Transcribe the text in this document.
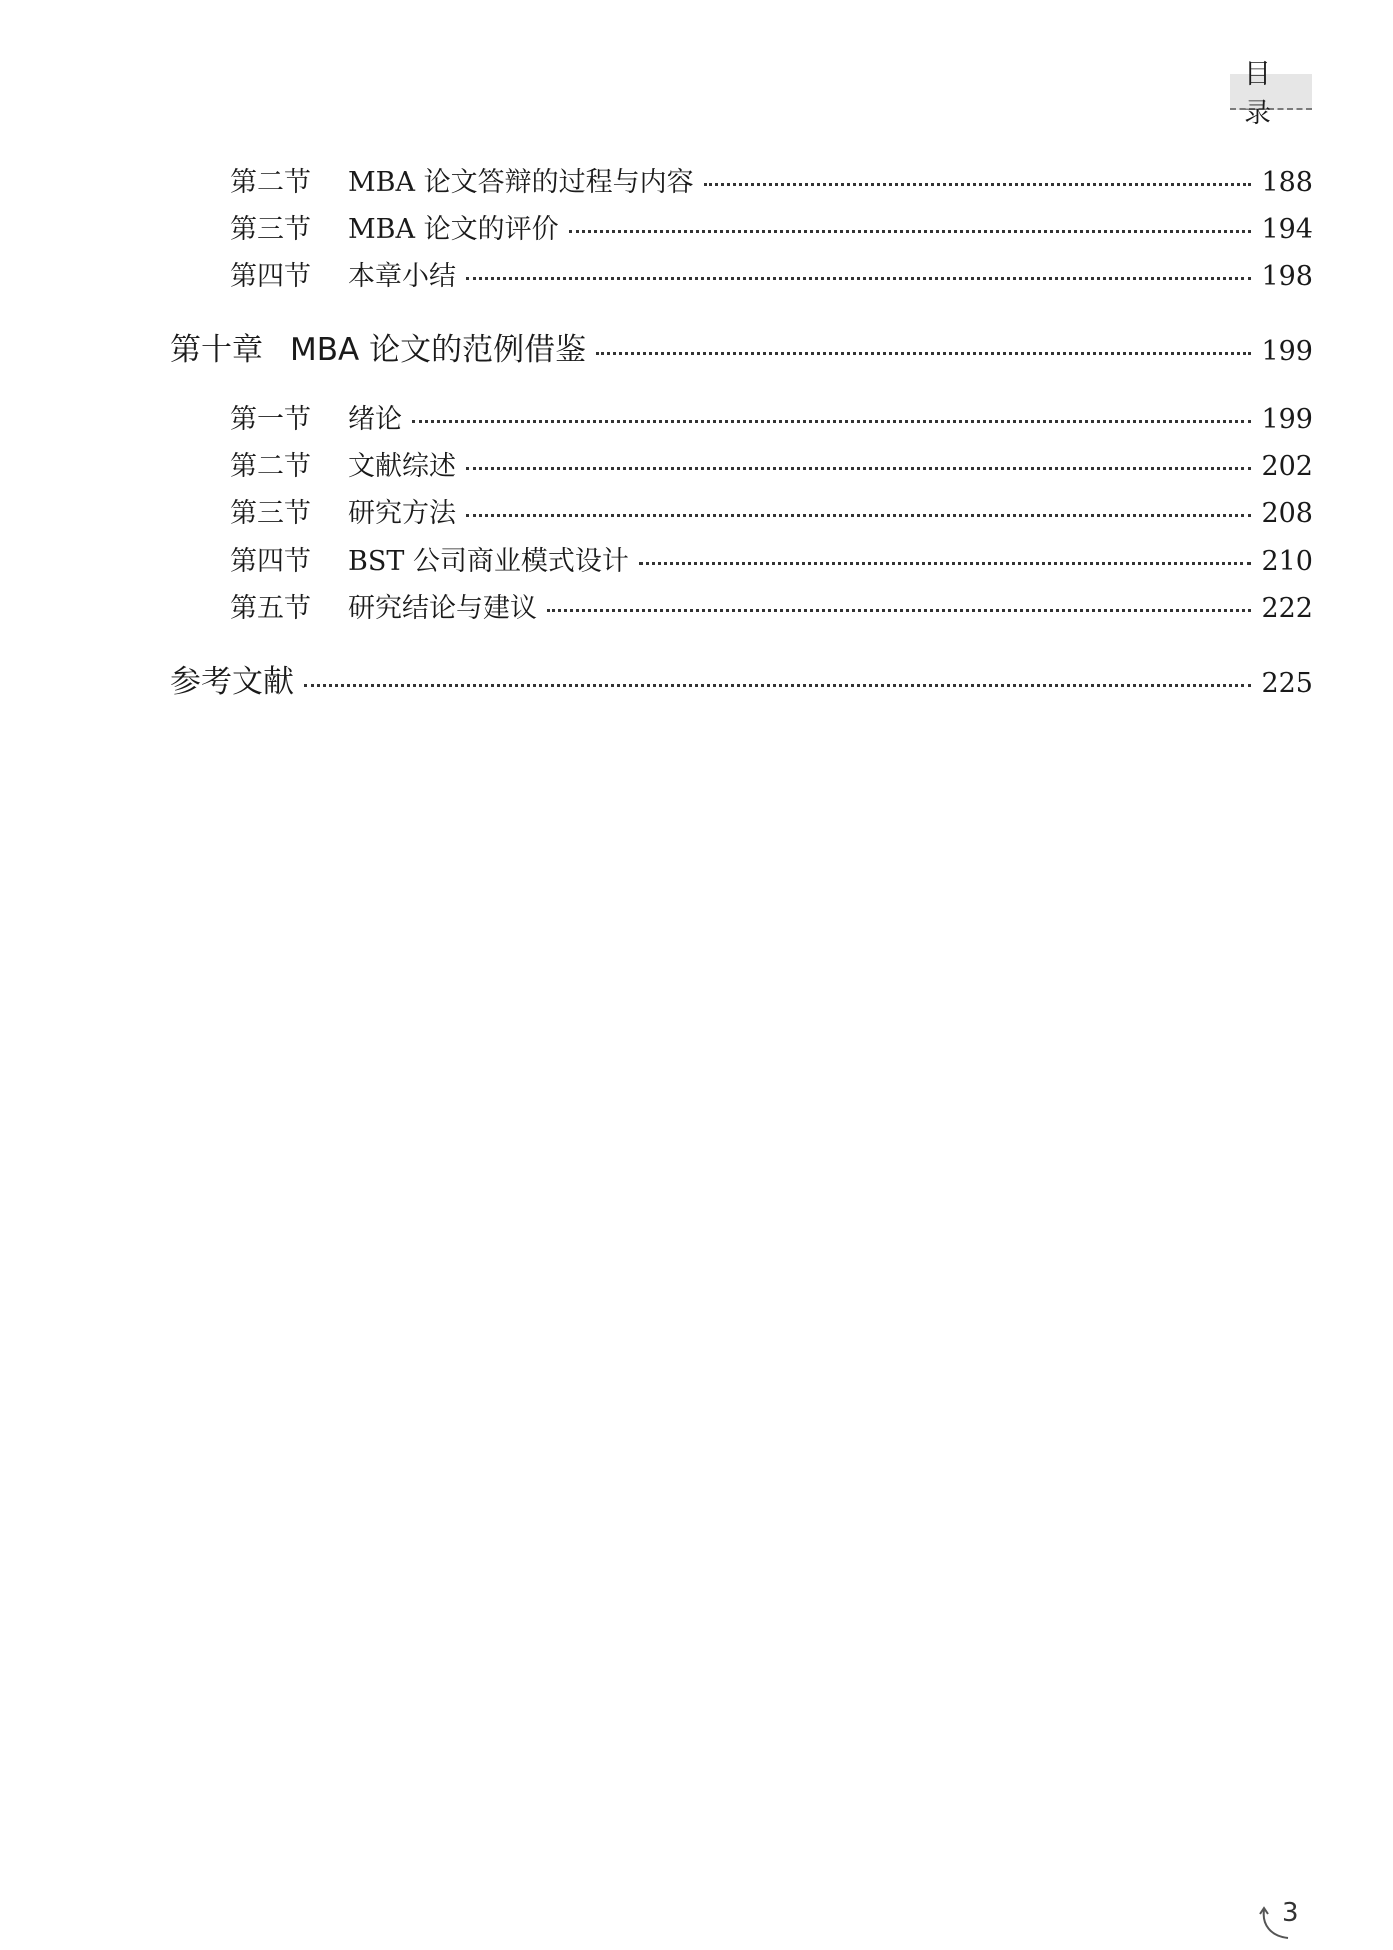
目 录
第二节	MBA 论文答辩的过程与内容	188
第三节	MBA 论文的评价	194
第四节	本章小结	198
第十章 MBA 论文的范例借鉴	199
第一节	绪论	199
第二节	文献综述	202
第三节	研究方法	208
第四节	BST 公司商业模式设计	210
第五节	研究结论与建议	222
参考文献	225
3
